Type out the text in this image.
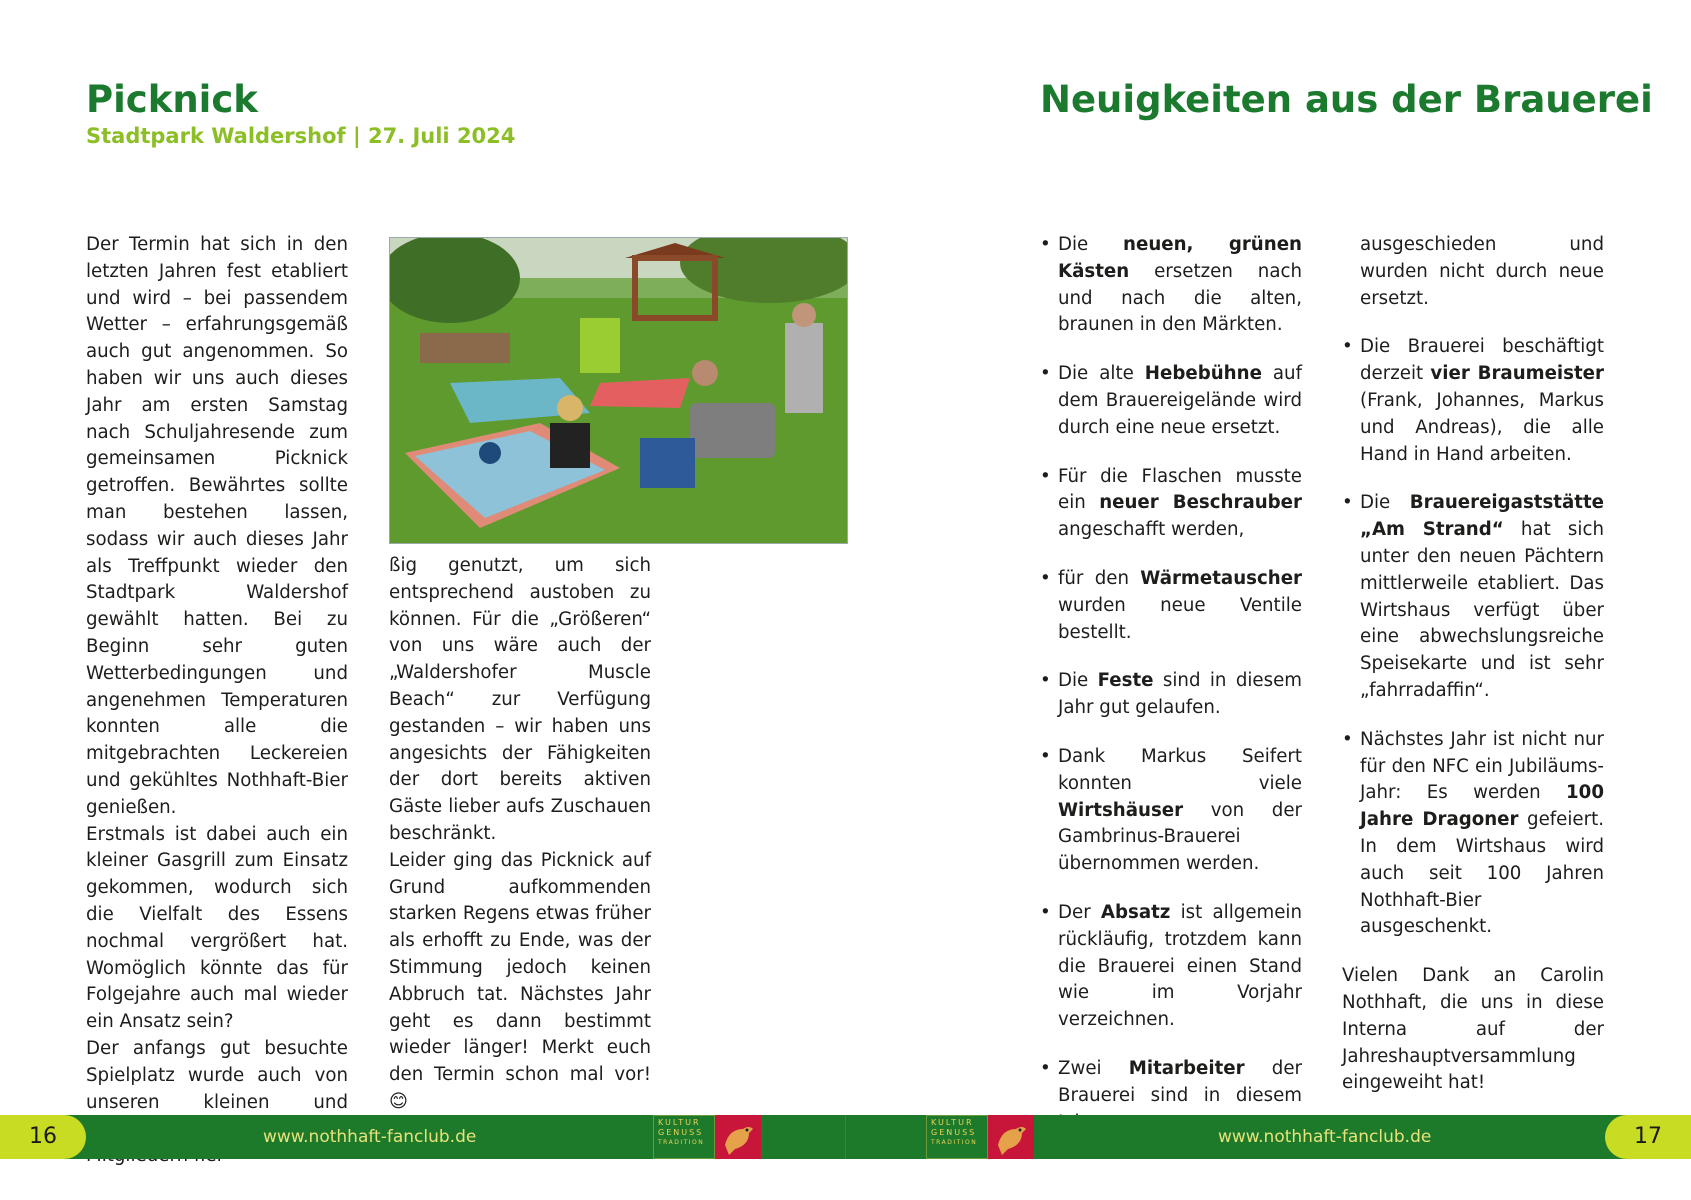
Picknick
Stadtpark Waldershof | 27. Juli 2024

Der Termin hat sich in den letzten Jahren fest etabliert und wird – bei passendem Wetter – erfahrungsgemäß auch gut angenommen. So haben wir uns auch dieses Jahr am ersten Samstag nach Schuljahresende zum gemeinsamen Picknick getroffen. Bewährtes sollte man bestehen lassen, sodass wir auch dieses Jahr als Treffpunkt wieder den Stadtpark Waldershof gewählt hatten. Bei zu Beginn sehr guten Wetterbedingungen und angenehmen Temperaturen konnten alle die mitgebrachten Leckereien und gekühltes Nothhaft-Bier genießen.

Erstmals ist dabei auch ein kleiner Gasgrill zum Einsatz gekommen, wodurch sich die Vielfalt des Essens nochmal vergrößert hat. Womöglich könnte das für Folgejahre auch mal wieder ein Ansatz sein?

Der anfangs gut besuchte Spielplatz wurde auch von unseren kleinen und

ßig genutzt, um sich entsprechend austoben zu können. Für die „Größeren“ von uns wäre auch der „Waldershofer Muscle Beach“ zur Verfügung gestanden – wir haben uns angesichts der Fähigkeiten der dort bereits aktiven Gäste lieber aufs Zuschauen beschränkt.

Leider ging das Picknick auf Grund aufkommenden starken Regens etwas früher als erhofft zu Ende, was der Stimmung jedoch keinen Abbruch tat. Nächstes Jahr geht es dann bestimmt wieder länger! Merkt euch den Termin schon mal vor! 😊

Neuigkeiten aus der Brauerei
• Die neuen, grünen Kästen ersetzen nach und nach die alten, braunen in den Märkten.
• Die alte Hebebühne auf dem Brauereigelände wird durch eine neue ersetzt.
• Für die Flaschen musste ein neuer Beschrauber angeschafft werden,
• für den Wärmetauscher wurden neue Ventile bestellt.
• Die Feste sind in diesem Jahr gut gelaufen.
• Dank Markus Seifert konnten viele Wirtshäuser von der Gambrinus-Brauerei übernommen werden.
• Der Absatz ist allgemein rückläufig, trotzdem kann die Brauerei einen Stand wie im Vorjahr verzeichnen.
• Zwei Mitarbeiter der Brauerei sind in diesem

ausgeschieden und wurden nicht durch neue ersetzt.

• Die Brauerei beschäftigt derzeit vier Braumeister (Frank, Johannes, Markus und Andreas), die alle Hand in Hand arbeiten.
• Die Brauereigaststätte „Am Strand“ hat sich unter den neuen Pächtern mittlerweile etabliert. Das Wirtshaus verfügt über eine abwechslungsreiche Speisekarte und ist sehr „fahrradaffin“.
• Nächstes Jahr ist nicht nur für den NFC ein Jubiläums-Jahr: Es werden 100 Jahre Dragoner gefeiert. In dem Wirtshaus wird auch seit 100 Jahren Nothhaft-Bier ausgeschenkt.

Vielen Dank an Carolin Nothhaft, die uns in diese Interna auf der Jahreshauptversammlung eingeweiht hat!

16	www.nothhaft-fanclub.de
KULTUR
GENUSS
TRADITION
KULTUR
GENUSS
TRADITION	www.nothhaft-fanclub.de	17
